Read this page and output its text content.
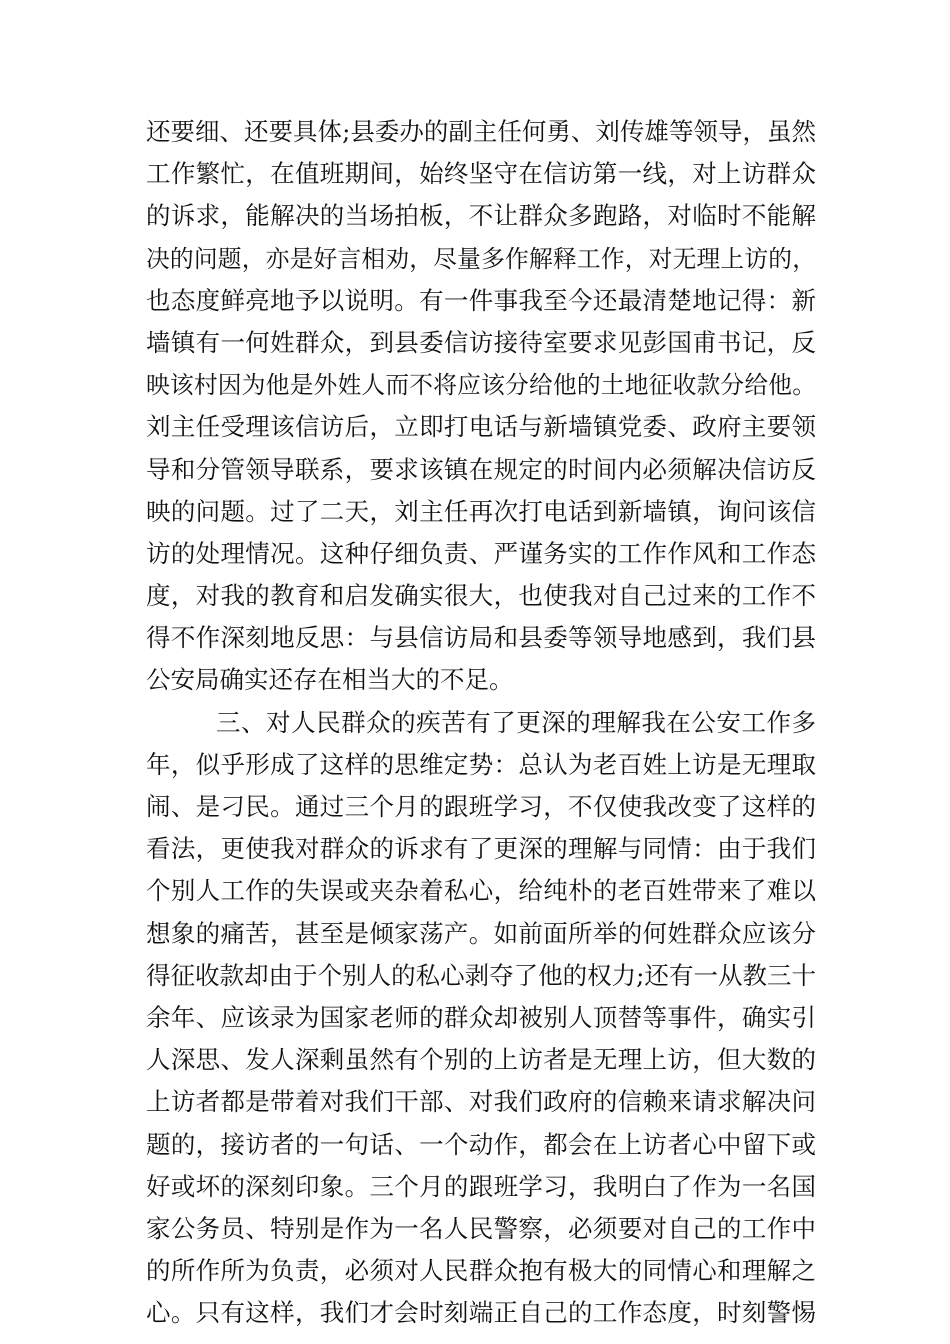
还要细、还要具体;县委办的副主任何勇、刘传雄等领导，虽然
工作繁忙，在值班期间，始终坚守在信访第一线，对上访群众
的诉求，能解决的当场拍板，不让群众多跑路，对临时不能解
决的问题，亦是好言相劝，尽量多作解释工作，对无理上访的，
也态度鲜亮地予以说明。有一件事我至今还最清楚地记得：新
墙镇有一何姓群众，到县委信访接待室要求见彭国甫书记，反
映该村因为他是外姓人而不将应该分给他的土地征收款分给他。
刘主任受理该信访后，立即打电话与新墙镇党委、政府主要领
导和分管领导联系，要求该镇在规定的时间内必须解决信访反
映的问题。过了二天，刘主任再次打电话到新墙镇，询问该信
访的处理情况。这种仔细负责、严谨务实的工作作风和工作态
度，对我的教育和启发确实很大，也使我对自己过来的工作不
得不作深刻地反思：与县信访局和县委等领导地感到，我们县
公安局确实还存在相当大的不足。
三、对人民群众的疾苦有了更深的理解我在公安工作多
年，似乎形成了这样的思维定势：总认为老百姓上访是无理取
闹、是刁民。通过三个月的跟班学习，不仅使我改变了这样的
看法，更使我对群众的诉求有了更深的理解与同情：由于我们
个别人工作的失误或夹杂着私心，给纯朴的老百姓带来了难以
想象的痛苦，甚至是倾家荡产。如前面所举的何姓群众应该分
得征收款却由于个别人的私心剥夺了他的权力;还有一从教三十
余年、应该录为国家老师的群众却被别人顶替等事件，确实引
人深思、发人深剩虽然有个别的上访者是无理上访，但大数的
上访者都是带着对我们干部、对我们政府的信赖来请求解决问
题的，接访者的一句话、一个动作，都会在上访者心中留下或
好或坏的深刻印象。三个月的跟班学习，我明白了作为一名国
家公务员、特别是作为一名人民警察，必须要对自己的工作中
的所作所为负责，必须对人民群众抱有极大的同情心和理解之
心。只有这样，我们才会时刻端正自己的工作态度，时刻警惕
